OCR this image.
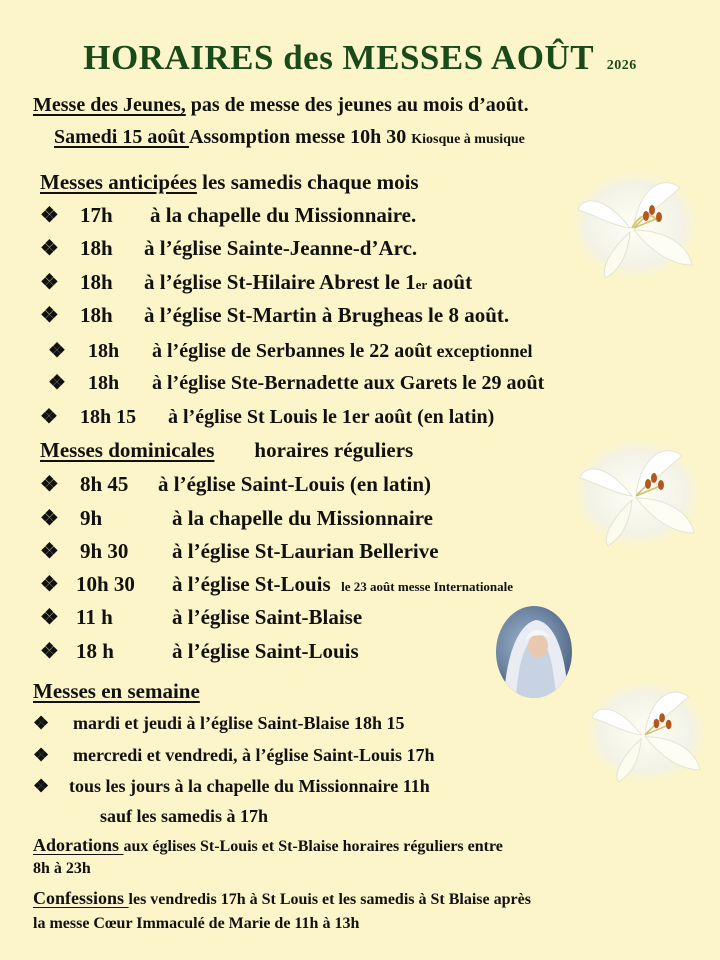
HORAIRES des MESSES AOÛT 2026
Messe des Jeunes, pas de messe des jeunes au mois d’août.
Samedi 15 août Assomption messe 10h 30 Kiosque à musique
Messes anticipées les samedis chaque mois
❖ 17h à la chapelle du Missionnaire.
❖ 18h à l’église Sainte-Jeanne-d’Arc.
❖ 18h à l’église St-Hilaire Abrest le 1er août
❖ 18h à l’église St-Martin à Brugheas le 8 août.
❖ 18h à l’église de Serbannes le 22 août exceptionnel
❖ 18h à l’église Ste-Bernadette aux Garets le 29 août
❖ 18h 15 à l’église St Louis le 1er août (en latin)
Messes dominicales horaires réguliers
❖ 8h 45 à l’église Saint-Louis (en latin)
❖ 9h	à la chapelle du Missionnaire
❖ 9h 30 à l’église St-Laurian Bellerive
❖ 10h 30 à l’église St-Louis le 23 août messe Internationale
❖ 11 h	à l’église Saint-Blaise
❖ 18 h	à l’église Saint-Louis
Messes en semaine
❖ mardi et jeudi à l’église Saint-Blaise 18h 15
❖ mercredi et vendredi, à l’église Saint-Louis 17h
❖ tous les jours à la chapelle du Missionnaire 11h
sauf les samedis à 17h
Adorations aux églises St-Louis et St-Blaise horaires réguliers entre
8h à 23h
Confessions les vendredis 17h à St Louis et les samedis à St Blaise après
la messe Cœur Immaculé de Marie de 11h à 13h
